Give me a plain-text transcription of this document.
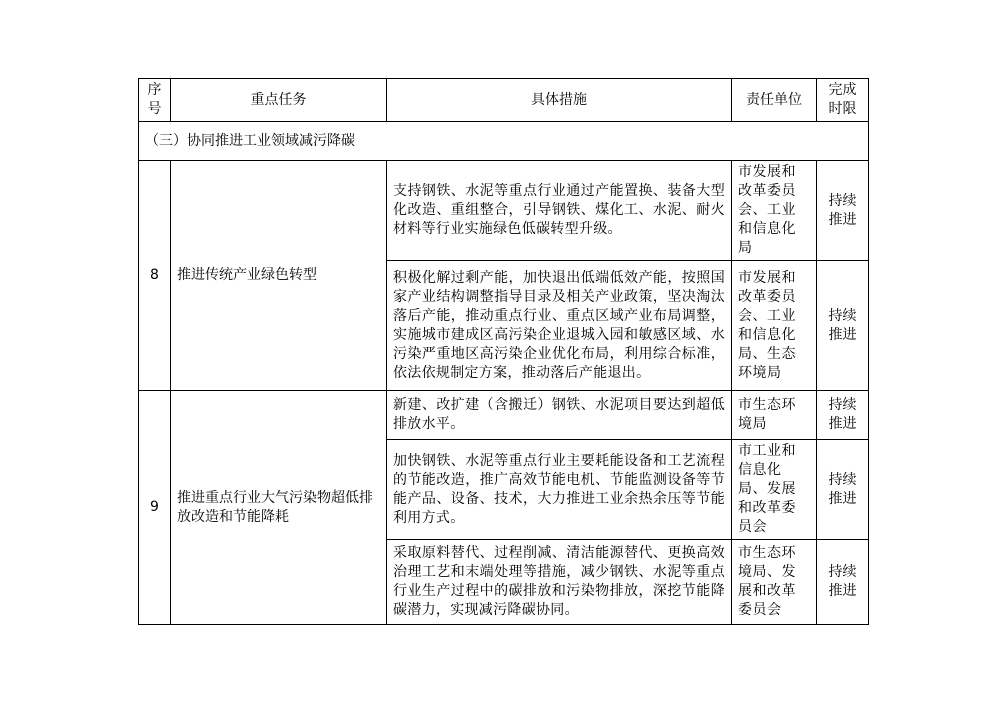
序号	重点任务	具体措施	责任单位	完成时限
（三）协同推进工业领域减污降碳				
8	推进传统产业绿色转型	支持钢铁、水泥等重点行业通过产能置换、装备大型化改造、重组整合，引导钢铁、煤化工、水泥、耐火材料等行业实施绿色低碳转型升级。	市发展和改革委员会、工业和信息化局	持续推进
		积极化解过剩产能，加快退出低端低效产能，按照国家产业结构调整指导目录及相关产业政策，坚决淘汰落后产能，推动重点行业、重点区域产业布局调整，实施城市建成区高污染企业退城入园和敏感区域、水污染严重地区高污染企业优化布局，利用综合标准，依法依规制定方案，推动落后产能退出。	市发展和改革委员会、工业和信息化局、生态环境局	持续推进
9	推进重点行业大气污染物超低排放改造和节能降耗	新建、改扩建（含搬迁）钢铁、水泥项目要达到超低排放水平。	市生态环境局	持续推进
		加快钢铁、水泥等重点行业主要耗能设备和工艺流程的节能改造，推广高效节能电机、节能监测设备等节能产品、设备、技术，大力推进工业余热余压等节能利用方式。	市工业和信息化局、发展和改革委员会	持续推进
		采取原料替代、过程削减、清洁能源替代、更换高效治理工艺和末端处理等措施，减少钢铁、水泥等重点行业生产过程中的碳排放和污染物排放，深挖节能降碳潜力，实现减污降碳协同。	市生态环境局、发展和改革委员会	持续推进
